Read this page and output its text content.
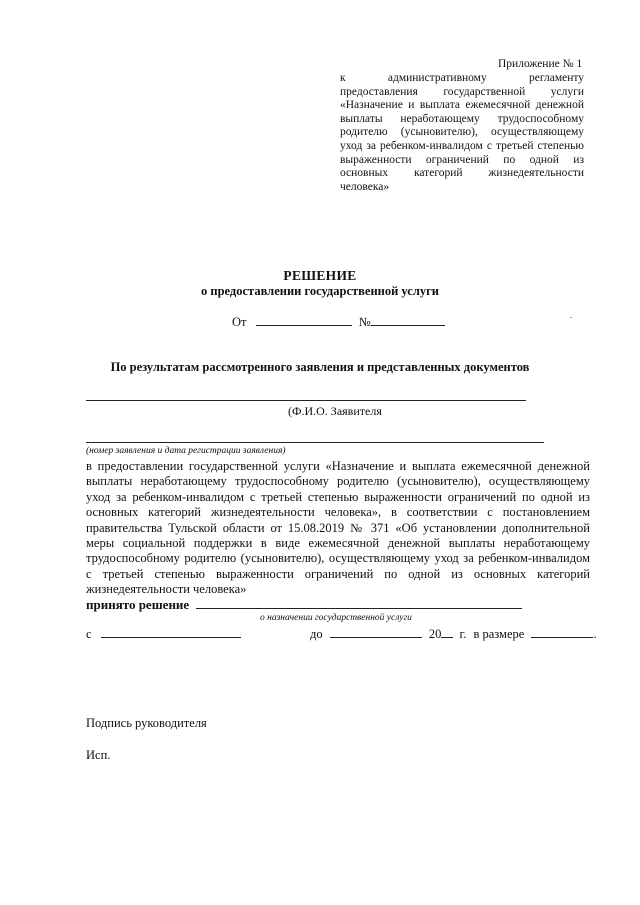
Приложение № 1
к административному регламенту предоставления государственной услуги «Назначение и выплата ежемесячной денежной выплаты неработающему трудоспособному родителю (усыновителю), осуществляющему уход за ребенком-инвалидом с третьей степенью выраженности ограничений по одной из основных категорий жизнедеятельности человека»
РЕШЕНИЕ
о предоставлении государственной услуги
От	№
По результатам рассмотренного заявления и представленных документов
(Ф.И.О. Заявителя
(номер заявления и дата регистрации заявления)
в предоставлении государственной услуги «Назначение и выплата ежемесячной денежной выплаты неработающему трудоспособному родителю (усыновителю), осуществляющему уход за ребенком-инвалидом с третьей степенью выраженности ограничений по одной из основных категорий жизнедеятельности человека», в соответствии с постановлением правительства Тульской области от 15.08.2019 № 371 «Об установлении дополнительной меры социальной поддержки в виде ежемесячной денежной выплаты неработающему трудоспособному родителю (усыновителю), осуществляющему уход за ребенком-инвалидом с третьей степенью выраженности ограничений по одной из основных категорий жизнедеятельности человека»
принято решение
о назначении государственной услуги
с	до	20 г. в размере	.
Подпись руководителя
Исп.
